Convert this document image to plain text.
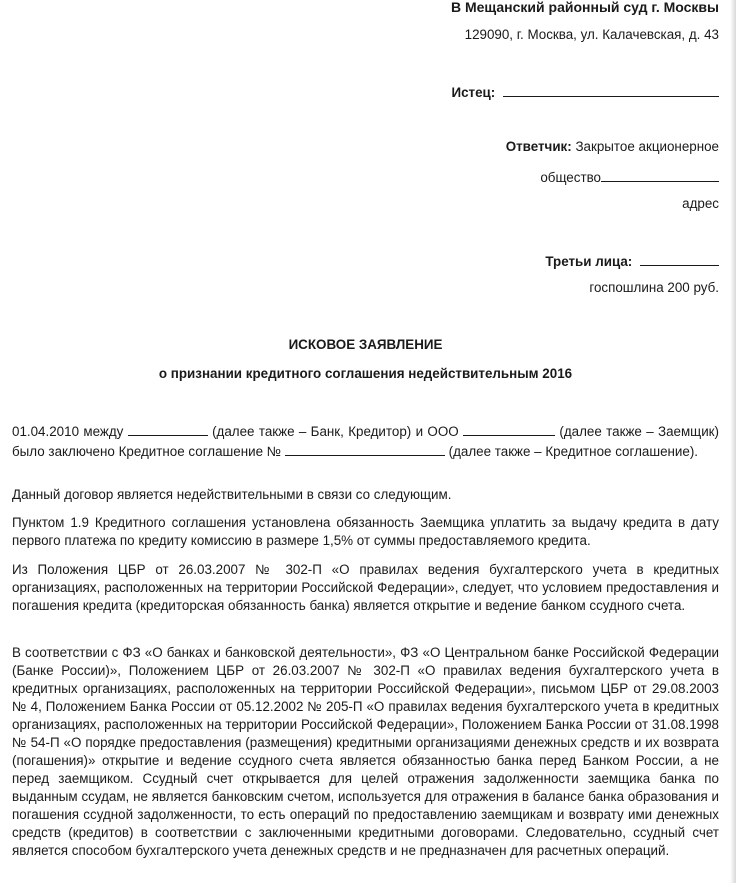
В Мещанский районный суд г. Москвы
129090, г. Москва, ул. Калачевская, д. 43
Истец:
Ответчик: Закрытое акционерное
общество
адрес
Третьи лица:
госпошлина 200 руб.
ИСКОВОЕ ЗАЯВЛЕНИЕ
о признании кредитного соглашения недействительным 2016
01.04.2010 между	(далее также – Банк, Кредитор) и ООО	(далее также – Заемщик) было заключено Кредитное соглашение №	(далее также – Кредитное соглашение).
Данный договор является недействительными в связи со следующим.
Пунктом 1.9 Кредитного соглашения установлена обязанность Заемщика уплатить за выдачу кредита в дату первого платежа по кредиту комиссию в размере 1,5% от суммы предоставляемого кредита.
Из Положения ЦБР от 26.03.2007 № 302-П «О правилах ведения бухгалтерского учета в кредитных организациях, расположенных на территории Российской Федерации», следует, что условием предоставления и погашения кредита (кредиторская обязанность банка) является открытие и ведение банком ссудного счета.
В соответствии с ФЗ «О банках и банковской деятельности», ФЗ «О Центральном банке Российской Федерации (Банке России)», Положением ЦБР от 26.03.2007 № 302-П «О правилах ведения бухгалтерского учета в кредитных организациях, расположенных на территории Российской Федерации», письмом ЦБР от 29.08.2003 № 4, Положением Банка России от 05.12.2002 № 205-П «О правилах ведения бухгалтерского учета в кредитных организациях, расположенных на территории Российской Федерации», Положением Банка России от 31.08.1998 № 54-П «О порядке предоставления (размещения) кредитными организациями денежных средств и их возврата (погашения)» открытие и ведение ссудного счета является обязанностью банка перед Банком России, а не перед заемщиком. Ссудный счет открывается для целей отражения задолженности заемщика банка по выданным ссудам, не является банковским счетом, используется для отражения в балансе банка образования и погашения ссудной задолженности, то есть операций по предоставлению заемщикам и возврату ими денежных средств (кредитов) в соответствии с заключенными кредитными договорами. Следовательно, ссудный счет является способом бухгалтерского учета денежных средств и не предназначен для расчетных операций.
